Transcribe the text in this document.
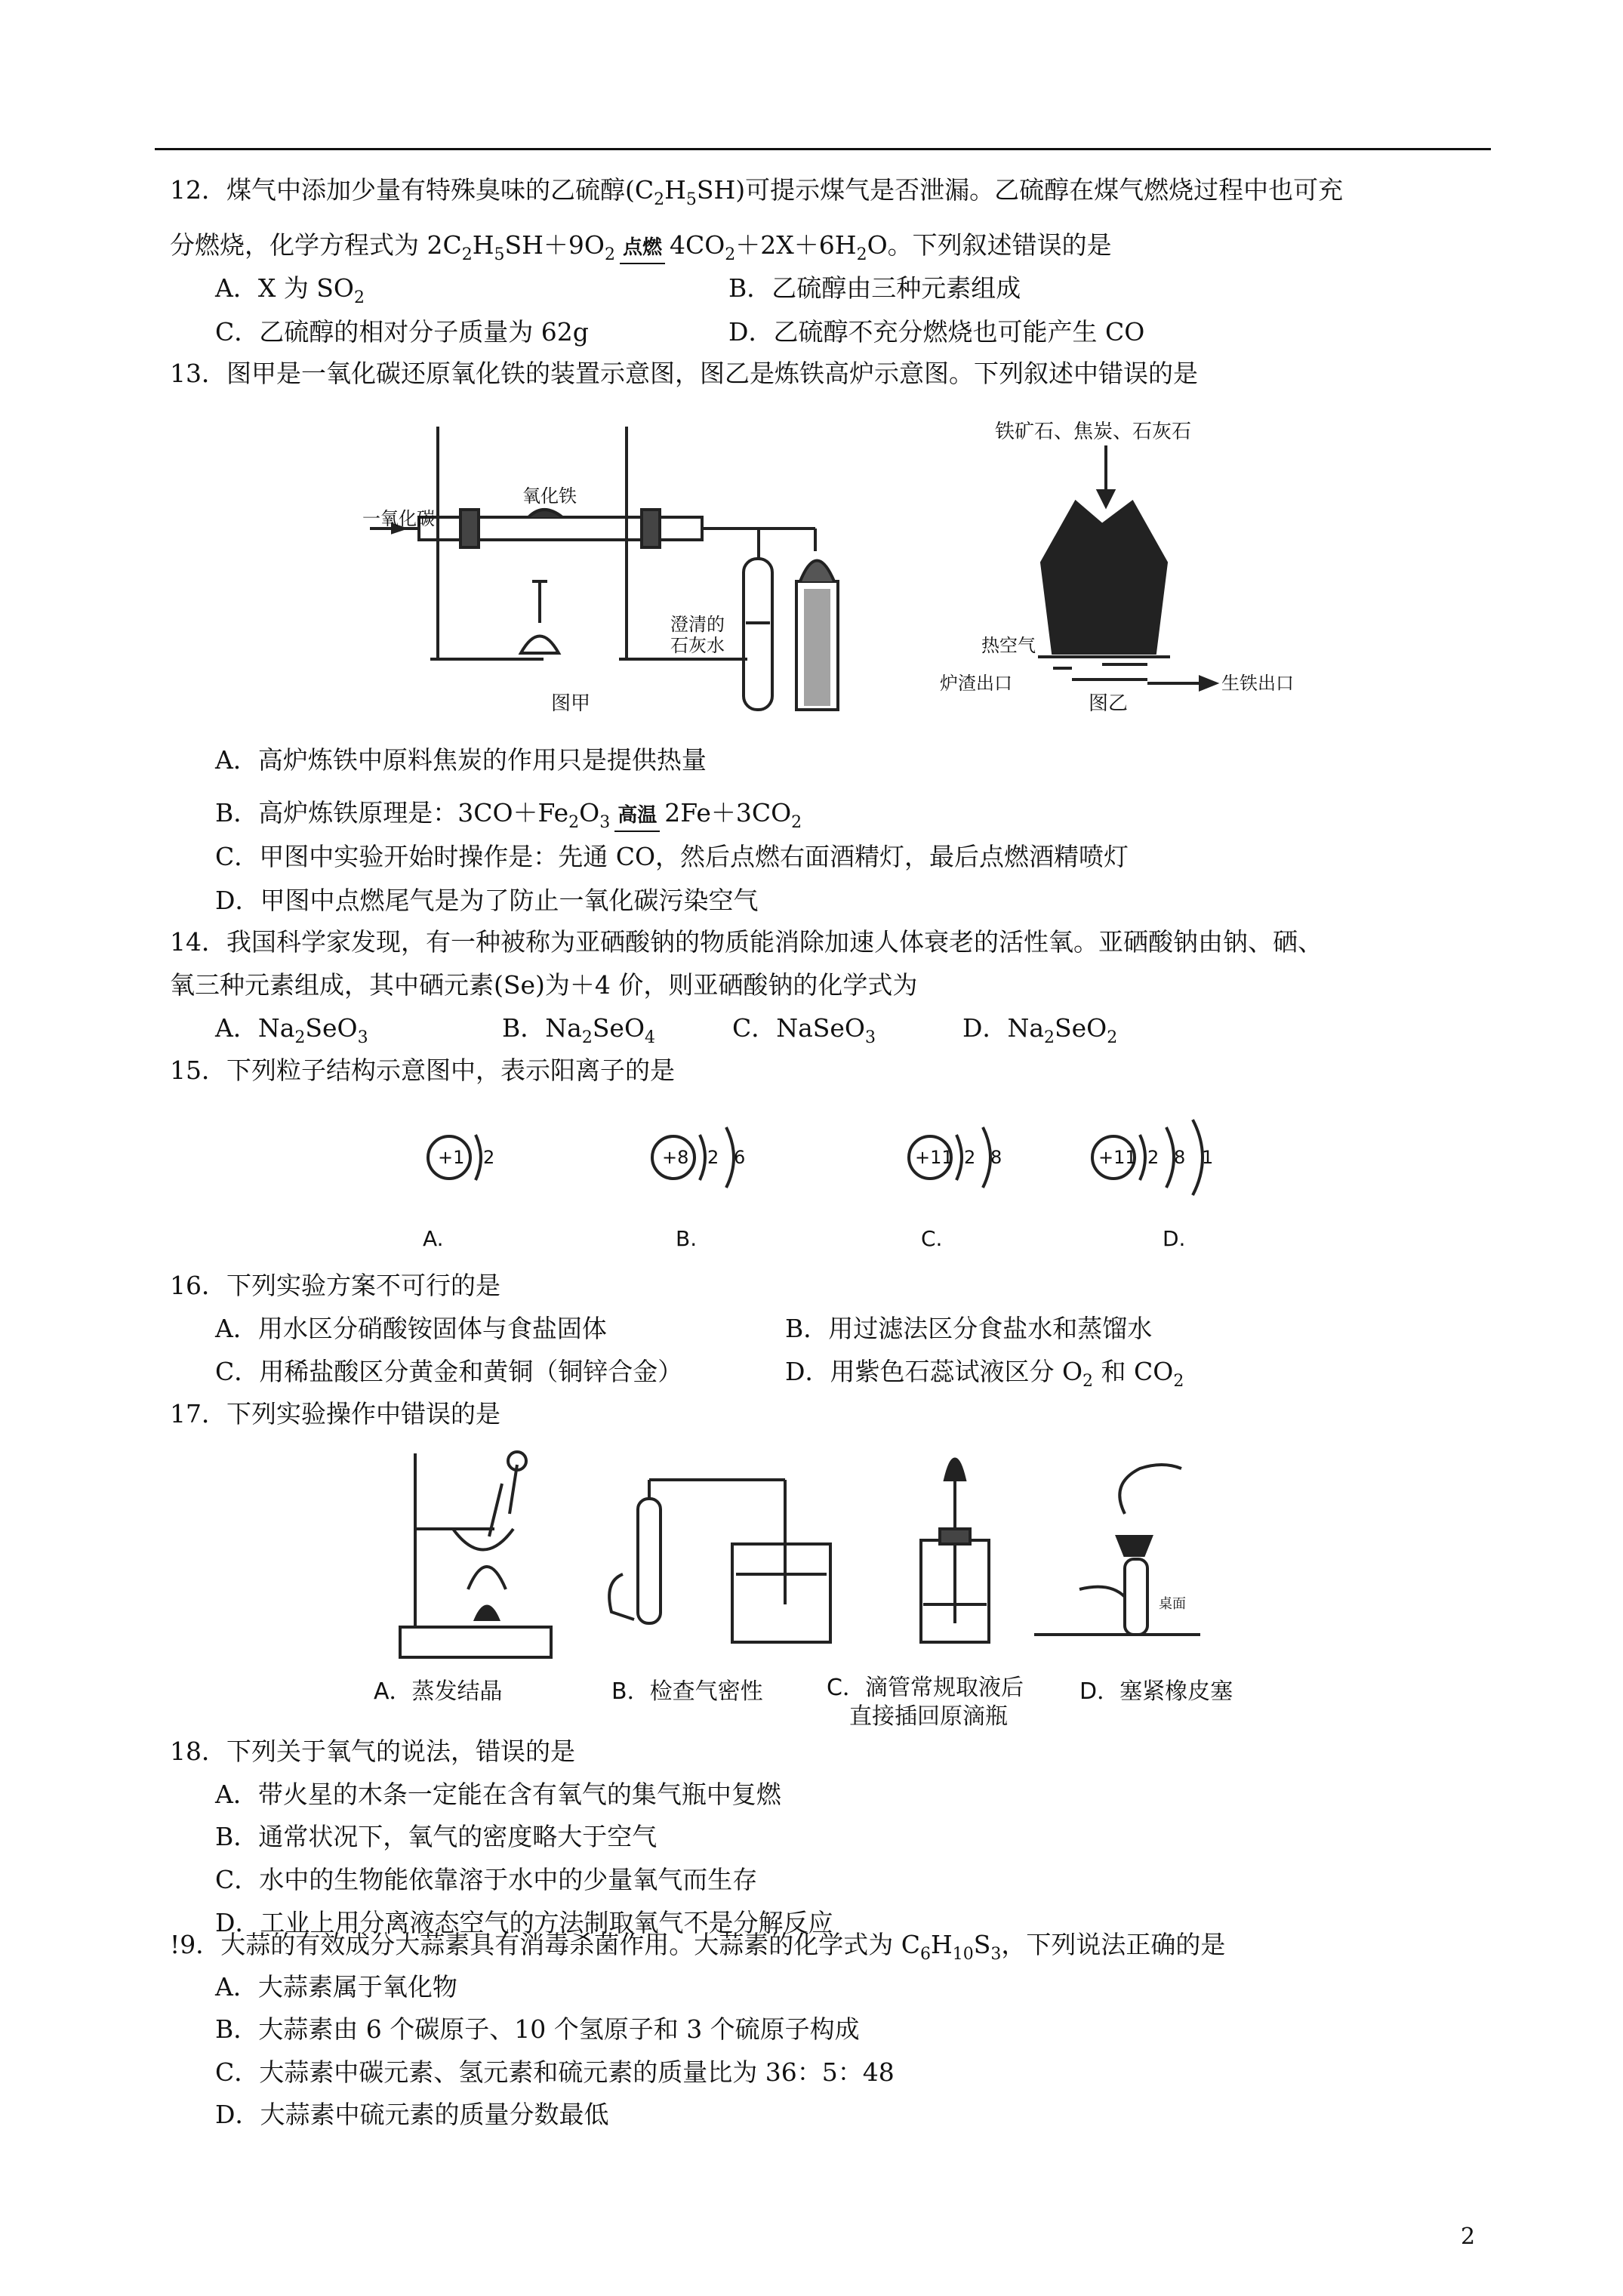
12．煤气中添加少量有特殊臭味的乙硫醇$(C_2H_5SH)$可提示煤气是否泄漏。乙硫醇在煤气燃烧过程中也可充
分燃烧，化学方程式为 $2C_2H_5SH+9O_2$ 点燃 $4CO_2+2X+6H_2O$。下列叙述错误的是
A．X 为 $SO_2$	B．乙硫醇由三种元素组成
C．乙硫醇的相对分子质量为 62g	D．乙硫醇不充分燃烧也可能产生 CO
13．图甲是一氧化碳还原氧化铁的装置示意图，图乙是炼铁高炉示意图。下列叙述中错误的是
一氧化碳
氧化铁
澄清的
石灰水
图甲
铁矿石、焦炭、石灰石
热空气
炉渣出口	生铁出口
图乙
A．高炉炼铁中原料焦炭的作用只是提供热量
B．高炉炼铁原理是：$3CO+Fe_2O_3$ 高温 $2Fe+3CO_2$
C．甲图中实验开始时操作是：先通 CO，然后点燃右面酒精灯，最后点燃酒精喷灯
D．甲图中点燃尾气是为了防止一氧化碳污染空气
14．我国科学家发现，有一种被称为亚硒酸钠的物质能消除加速人体衰老的活性氧。亚硒酸钠由钠、硒、
氧三种元素组成，其中硒元素(Se)为＋4 价，则亚硒酸钠的化学式为
A．$Na_2SeO_3$	B．$Na_2SeO_4$	C．NaSeO$_3$	D．$Na_2SeO_2$
15．下列粒子结构示意图中，表示阳离子的是
+1 2	+8 2 6	+11 2 8	+11 2 8 1
A.	B.	C.	D.
16．下列实验方案不可行的是
A．用水区分硝酸铵固体与食盐固体	B．用过滤法区分食盐水和蒸馏水
C．用稀盐酸区分黄金和黄铜（铜锌合金）	D．用紫色石蕊试液区分 $O_2$ 和 $CO_2$
17．下列实验操作中错误的是
A．蒸发结晶	B．检查气密性	C．滴管常规取液后
直接插回原滴瓶
D．塞紧橡皮塞
桌面
18．下列关于氧气的说法，错误的是
A．带火星的木条一定能在含有氧气的集气瓶中复燃
B．通常状况下，氧气的密度略大于空气
C．水中的生物能依靠溶于水中的少量氧气而生存
D．工业上用分离液态空气的方法制取氧气不是分解反应
!9．大蒜的有效成分大蒜素具有消毒杀菌作用。大蒜素的化学式为 $C_6H_{10}S_3$，下列说法正确的是
A．大蒜素属于氧化物
B．大蒜素由 6 个碳原子、10 个氢原子和 3 个硫原子构成
C．大蒜素中碳元素、氢元素和硫元素的质量比为 36：5：48
D．大蒜素中硫元素的质量分数最低
2
